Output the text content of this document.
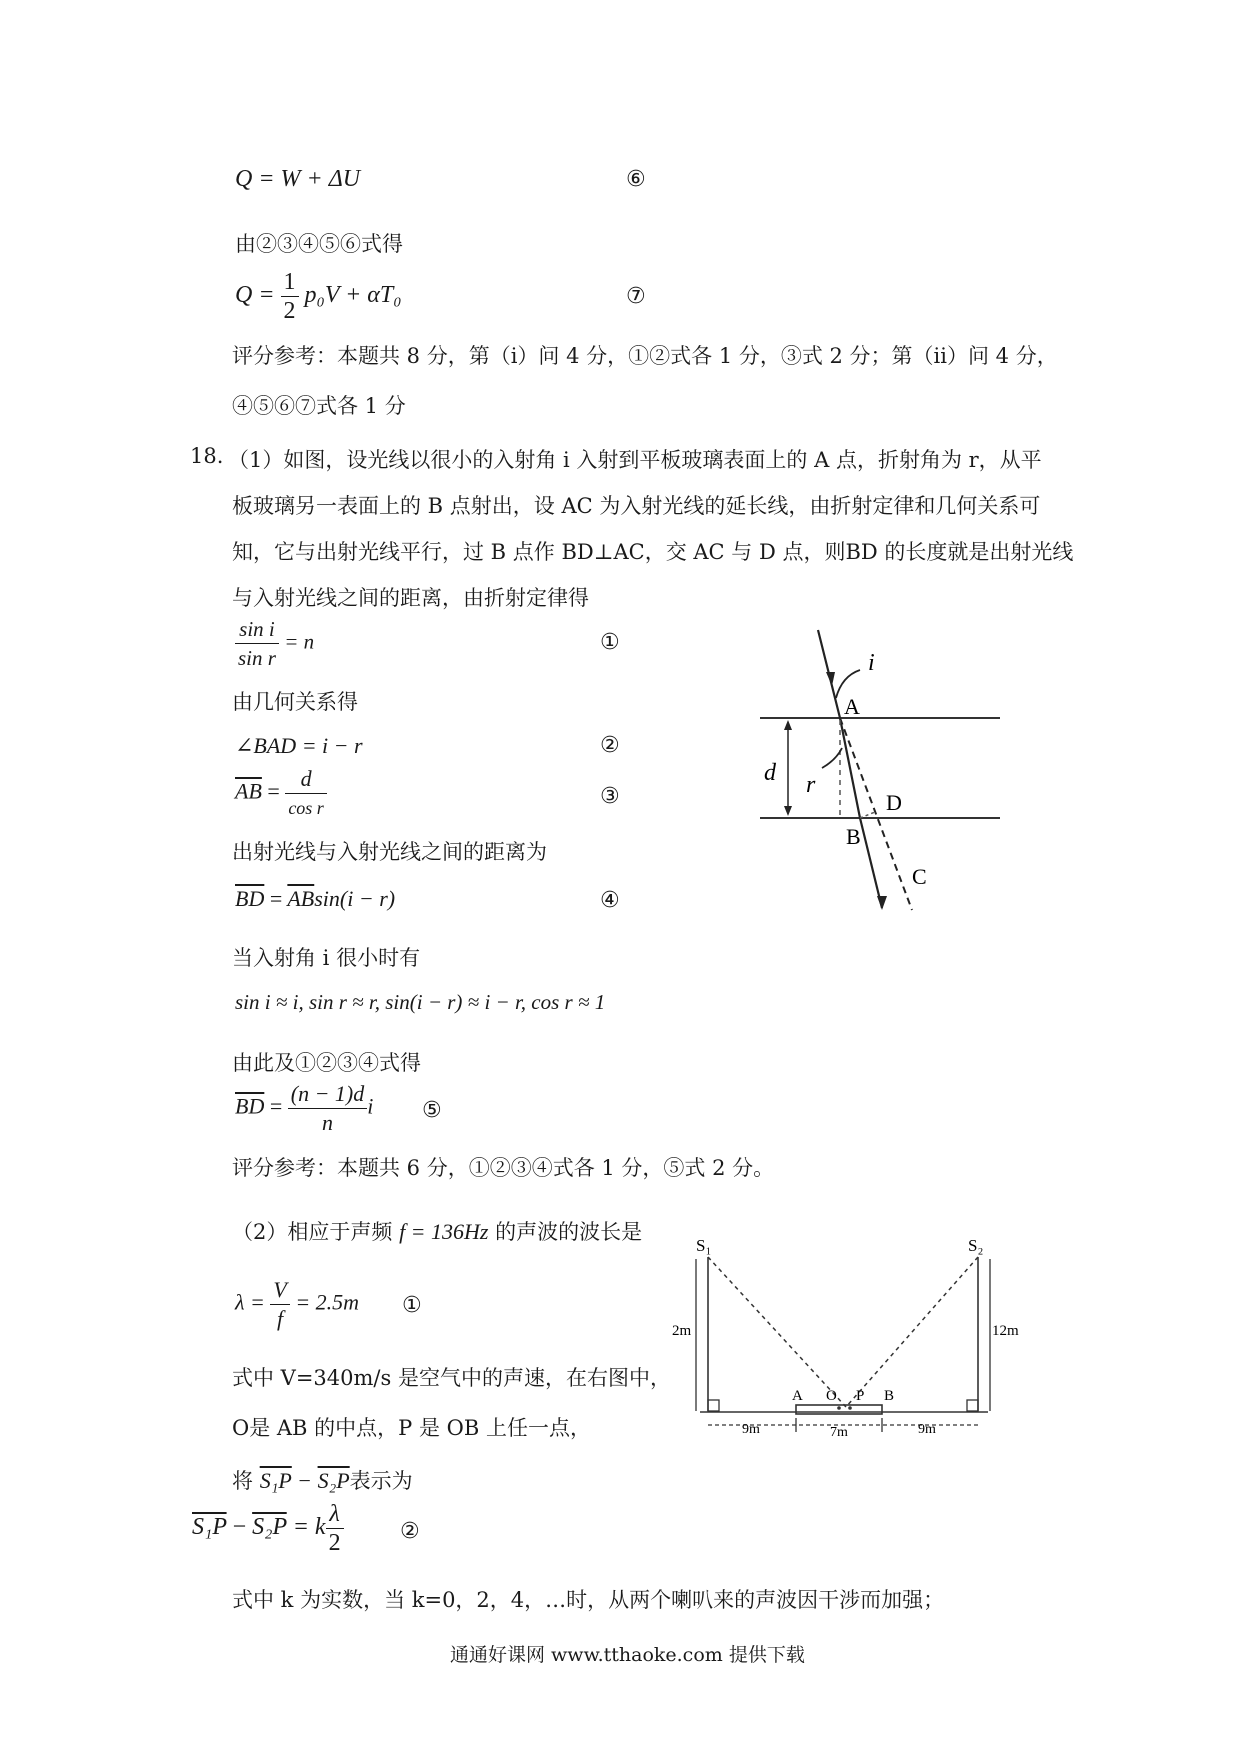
Q = W + ΔU	⑥
由②③④⑤⑥式得
$Q = \frac{1}{2} p_0V + \alpha T_0$	⑦
评分参考：本题共 8 分，第（i）问 4 分，①②式各 1 分，③式 2 分；第（ii）问 4 分，
④⑤⑥⑦式各 1 分
18. （1）如图，设光线以很小的入射角 i 入射到平板玻璃表面上的 A 点，折射角为 r，从平
板玻璃另一表面上的 B 点射出，设 AC 为入射光线的延长线，由折射定律和几何关系可
知，它与出射光线平行，过 B 点作 BD⊥AC，交 AC 与 D 点，则BD 的长度就是出射光线
与入射光线之间的距离，由折射定律得
$\frac{\text{sin i}}{\text{sin r}} = n$	①
由几何关系得
∠BAD = i − r	②
$\overline{AB} = \frac{d}{\text{cos r}}$	③
出射光线与入射光线之间的距离为
$\overline{BD} = \overline{AB}\sin(i - r)$	④
当入射角 i 很小时有
sin i ≈ i, sin r ≈ r, sin(i − r) ≈ i − r, cos r ≈ 1
由此及①②③④式得
$\overline{BD} = \frac{(n - 1)d}{n}$ i ⑤
评分参考：本题共 6 分，①②③④式各 1 分，⑤式 2 分。
i
A
d r
D
B
C
（2）相应于声频 f = 136Hz 的声波的波长是
$\lambda = \frac{V}{f} = 2.5m$ ①
式中 V=340m/s 是空气中的声速，在右图中，
O是 AB 的中点，P 是 OB 上任一点，
将 S₁P − S₂P表示为
S₁P − S₂P = k $\frac{\lambda}{2}$	②
式中 k 为实数，当 k=0，2，4，…时，从两个喇叭来的声波因干涉而加强；
S₁	S₂
2m	12m
A O P B
9m	7m	9m
通通好课网 www.tthaoke.com 提供下载
